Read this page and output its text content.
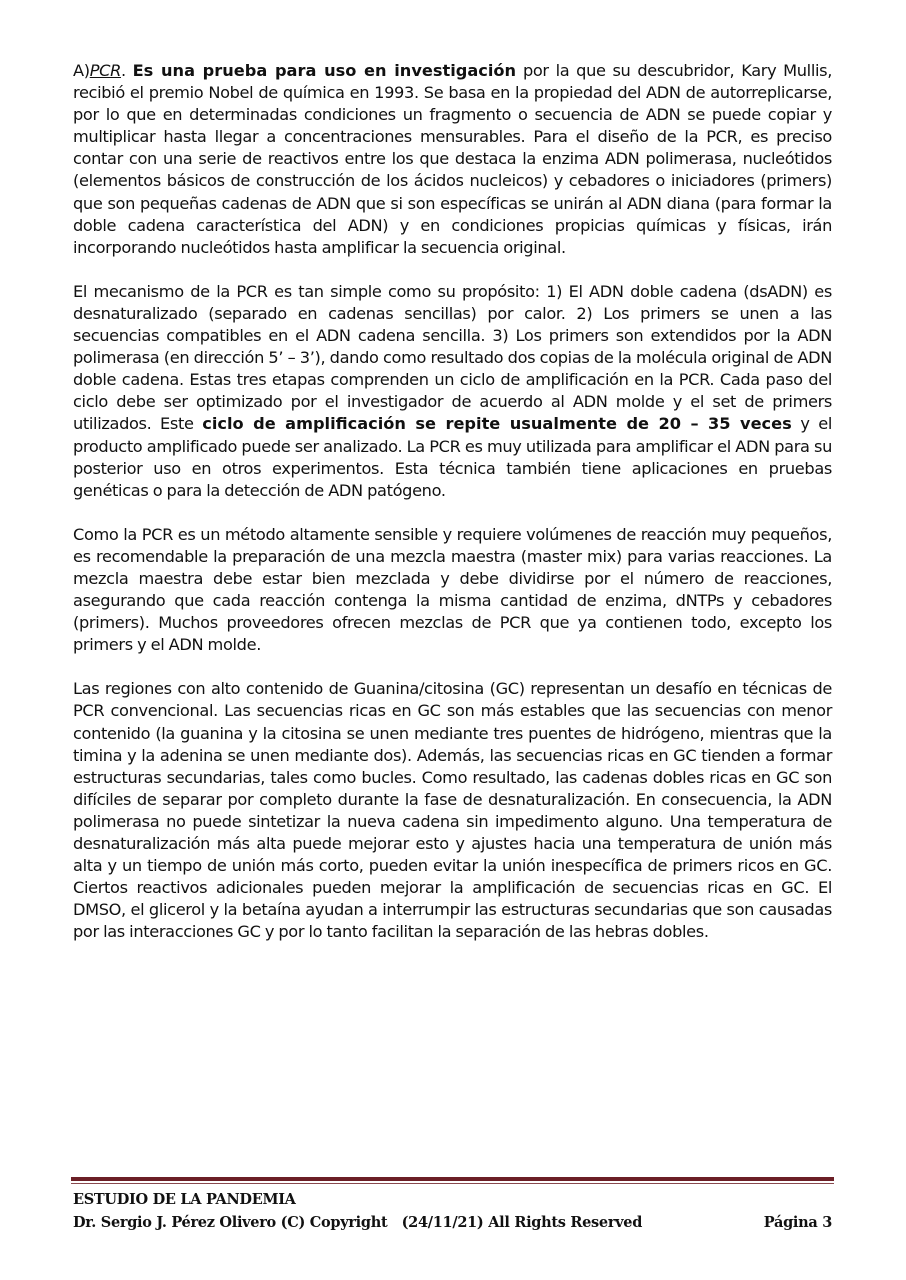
A)PCR. Es una prueba para uso en investigación por la que su descubridor, Kary Mullis, recibió el premio Nobel de química en 1993. Se basa en la propiedad del ADN de autorreplicarse, por lo que en determinadas condiciones un fragmento o secuencia de ADN se puede copiar y multiplicar hasta llegar a concentraciones mensurables. Para el diseño de la PCR, es preciso contar con una serie de reactivos entre los que destaca la enzima ADN polimerasa, nucleótidos (elementos básicos de construcción de los ácidos nucleicos) y cebadores o iniciadores (primers) que son pequeñas cadenas de ADN que si son específicas se unirán al ADN diana (para formar la doble cadena característica del ADN) y en condiciones propicias químicas y físicas, irán incorporando nucleótidos hasta amplificar la secuencia original.

El mecanismo de la PCR es tan simple como su propósito: 1) El ADN doble cadena (dsADN) es desnaturalizado (separado en cadenas sencillas) por calor. 2) Los primers se unen a las secuencias compatibles en el ADN cadena sencilla. 3) Los primers son extendidos por la ADN polimerasa (en dirección 5’ – 3’), dando como resultado dos copias de la molécula original de ADN doble cadena. Estas tres etapas comprenden un ciclo de amplificación en la PCR. Cada paso del ciclo debe ser optimizado por el investigador de acuerdo al ADN molde y el set de primers utilizados. Este ciclo de amplificación se repite usualmente de 20 – 35 veces y el producto amplificado puede ser analizado. La PCR es muy utilizada para amplificar el ADN para su posterior uso en otros experimentos. Esta técnica también tiene aplicaciones en pruebas genéticas o para la detección de ADN patógeno.

Como la PCR es un método altamente sensible y requiere volúmenes de reacción muy pequeños, es recomendable la preparación de una mezcla maestra (master mix) para varias reacciones. La mezcla maestra debe estar bien mezclada y debe dividirse por el número de reacciones, asegurando que cada reacción contenga la misma cantidad de enzima, dNTPs y cebadores (primers). Muchos proveedores ofrecen mezclas de PCR que ya contienen todo, excepto los primers y el ADN molde.

Las regiones con alto contenido de Guanina/citosina (GC) representan un desafío en técnicas de PCR convencional. Las secuencias ricas en GC son más estables que las secuencias con menor contenido (la guanina y la citosina se unen mediante tres puentes de hidrógeno, mientras que la timina y la adenina se unen mediante dos). Además, las secuencias ricas en GC tienden a formar estructuras secundarias, tales como bucles. Como resultado, las cadenas dobles ricas en GC son difíciles de separar por completo durante la fase de desnaturalización. En consecuencia, la ADN polimerasa no puede sintetizar la nueva cadena sin impedimento alguno. Una temperatura de desnaturalización más alta puede mejorar esto y ajustes hacia una temperatura de unión más alta y un tiempo de unión más corto, pueden evitar la unión inespecífica de primers ricos en GC. Ciertos reactivos adicionales pueden mejorar la amplificación de secuencias ricas en GC. El DMSO, el glicerol y la betaína ayudan a interrumpir las estructuras secundarias que son causadas por las interacciones GC y por lo tanto facilitan la separación de las hebras dobles.

ESTUDIO DE LA PANDEMIA
Dr. Sergio J. Pérez Olivero (C) Copyright   (24/11/21) All Rights Reserved	Página 3
